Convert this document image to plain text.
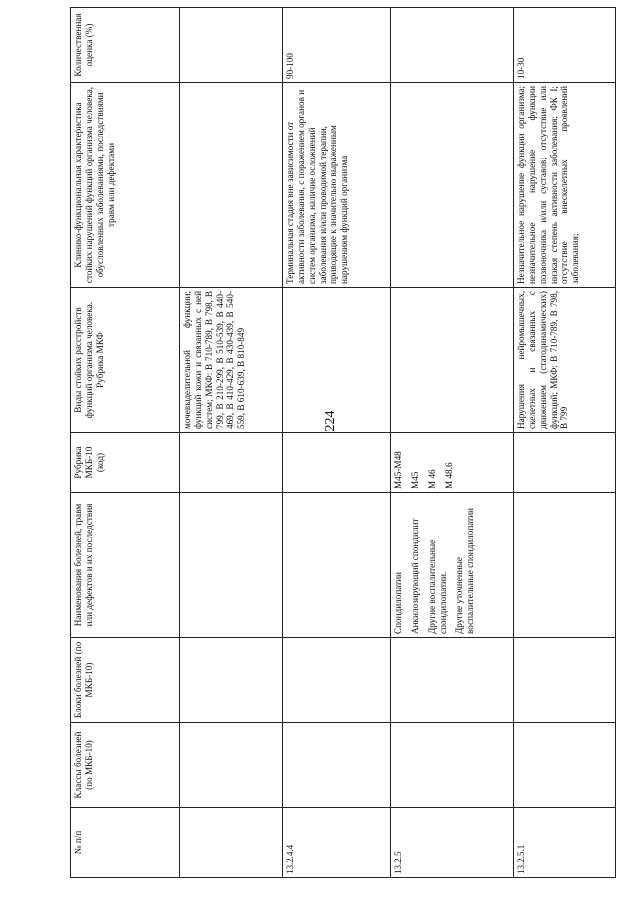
224
№ п/п	Классы болезней (по МКБ-10)	Блоки болезней (по МКБ-10)	Наименования болезней, травм или дефектов и их последствия	Рубрика МКБ-10 (код)	Виды стойких расстройств функций организма человека. Рубрика МКФ	Клинико-функциональная характеристика стойких нарушений функций организма человека, обусловленных заболеваниями, последствиями травм или дефектами	Количественная оценка (%)
					мочевыделительной функции; функций кожи и связанных с ней систем; МКФ: В 710-789, В 798, В 799, В 210-299, В 510-539, В 440-469, В 410-429, В 430-439, В 540-559, В 610-639, В 810-849		
13.2.4.4						Терминальная стадия вне зависимости от активности заболевания, с поражением органов и систем организма, наличие осложнений заболевания и/или проводимой терапии, приводящие к значительно выраженным нарушениям функций организма	90-100
13.2.5			Спондилопатии Анкилозирующий спондилит Другие воспалительные спондилопатии. Другие уточненные воспалительные спондилопатии	M45-M48 M45 M 46 M 48.6			

13.2.5.1					Нарушения нейромышечных, скелетных и связанных с движением (статодинамических) функций; МКФ: В 710-789, В 798, В 799	Незначительное нарушение функции организма; незначительное нарушение функции позвоночника и/или суставов; отсутствие или низкая степень активности заболевания; ФК I; отсутствие внескелетных проявлений заболевания;	10-30
